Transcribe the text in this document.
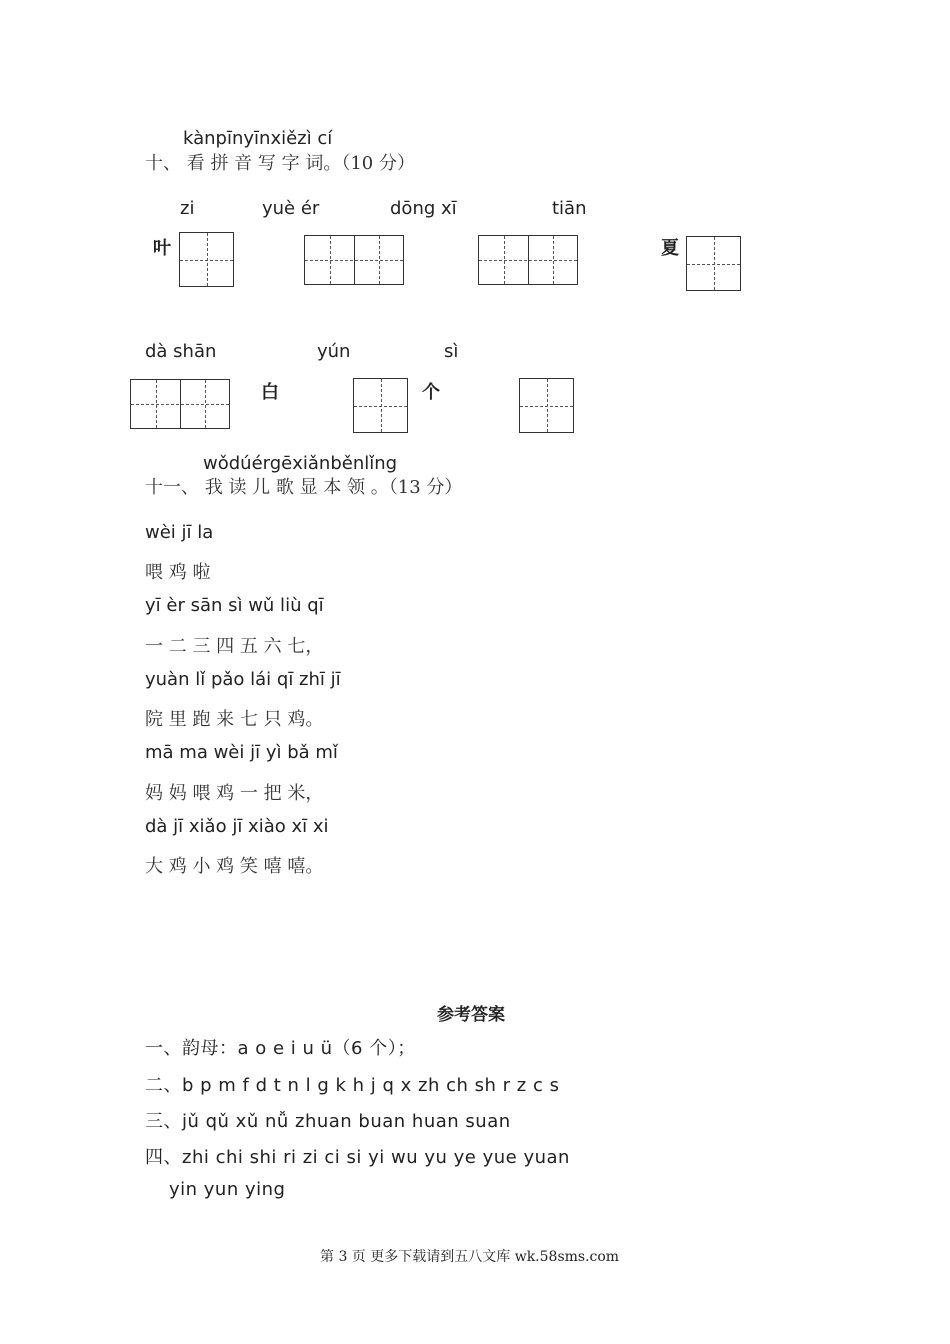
kànpīnyīnxiězì cí
十、 看 拼 音 写 字 词。（10 分）
zi	yuè ér	dōng xī	tiān
叶	夏
dà shān	yún	sì
白	个
wǒdúérgēxiǎnběnlǐng
十一、 我 读 儿 歌 显 本 领 。（13 分）
wèi jī la
喂 鸡 啦
yī èr sān sì wǔ liù qī
一 二 三 四 五 六 七，
yuàn lǐ pǎo lái qī zhī jī
院 里 跑 来 七 只 鸡。
mā ma wèi jī yì bǎ mǐ
妈 妈 喂 鸡 一 把 米，
dà jī xiǎo jī xiào xī xi
大 鸡 小 鸡 笑 嘻 嘻。
参考答案
一、韵母：a o e i u ü（6 个）；
二、b p m f d t n l g k h j q x zh ch sh r z c s
三、jǔ qǔ xǔ nǚ zhuan buan huan suan
四、zhi chi shi ri zi ci si yi wu yu ye yue yuan
yin yun ying
第 3 页 更多下载请到五八文库 wk.58sms.com
